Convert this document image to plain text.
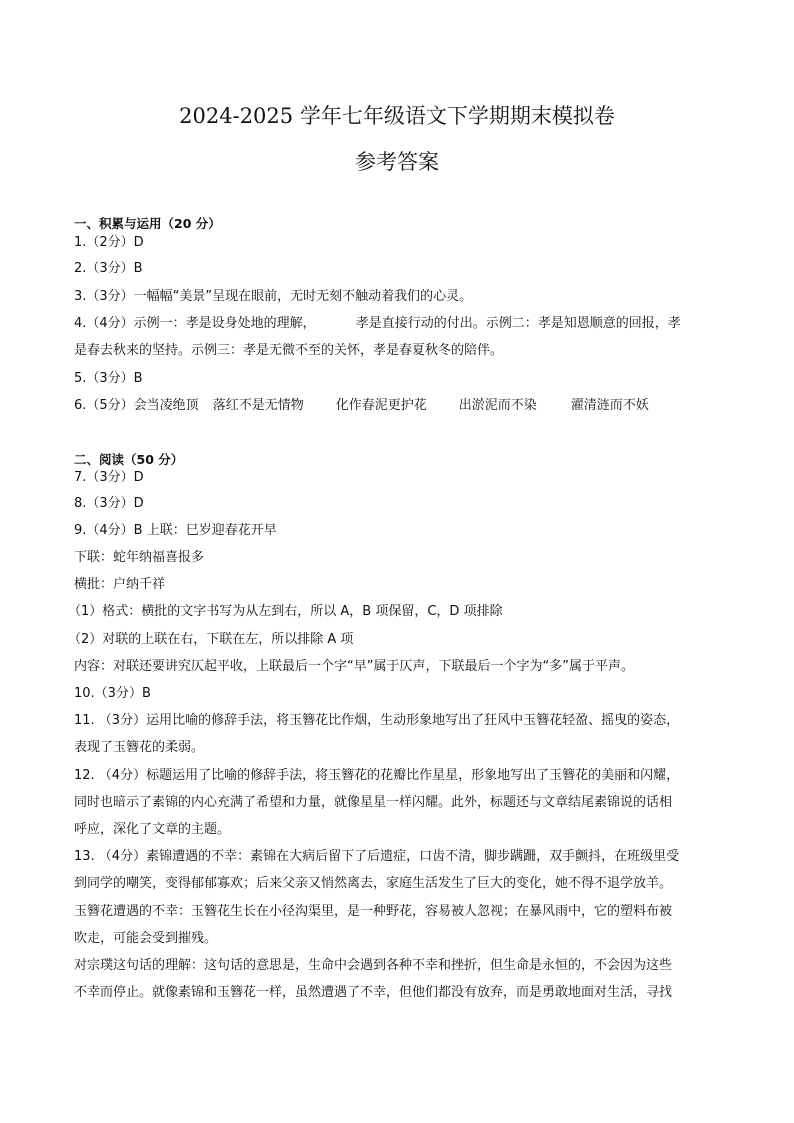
2024-2025 学年七年级语文下学期期末模拟卷
参考答案
一、积累与运用（20 分）
1.（2分）D
2.（3分）B
3.（3分）一幅幅“美景”呈现在眼前，无时无刻不触动着我们的心灵。
4.（4分）示例一：孝是设身处地的理解，	孝是直接行动的付出。示例二：孝是知恩顺意的回报，孝
是春去秋来的坚持。示例三：孝是无微不至的关怀，孝是春夏秋冬的陪伴。
5.（3分）B
6.（5分）会当凌绝顶 落红不是无情物 化作春泥更护花 出淤泥而不染	濯清涟而不妖
二、阅读（50 分）
7.（3分）D
8.（3分）D
9.（4分）B 上联：巳岁迎春花开早
下联：蛇年纳福喜报多
横批：户纳千祥
（1）格式：横批的文字书写为从左到右，所以 A，B 项保留，C，D 项排除
（2）对联的上联在右，下联在左，所以排除 A 项
内容：对联还要讲究仄起平收，上联最后一个字“早”属于仄声，下联最后一个字为“多”属于平声。
10.（3分）B
11. （3分）运用比喻的修辞手法，将玉簪花比作烟，生动形象地写出了狂风中玉簪花轻盈、摇曳的姿态，
表现了玉簪花的柔弱。
12. （4分）标题运用了比喻的修辞手法，将玉簪花的花瓣比作星星，形象地写出了玉簪花的美丽和闪耀，
同时也暗示了素锦的内心充满了希望和力量，就像星星一样闪耀。此外，标题还与文章结尾素锦说的话相
呼应，深化了文章的主题。
13. （4分）素锦遭遇的不幸：素锦在大病后留下了后遗症，口齿不清，脚步蹒跚，双手颤抖，在班级里受
到同学的嘲笑，变得郁郁寡欢；后来父亲又悄然离去，家庭生活发生了巨大的变化，她不得不退学放羊。
玉簪花遭遇的不幸：玉簪花生长在小径沟渠里，是一种野花，容易被人忽视；在暴风雨中，它的塑料布被
吹走，可能会受到摧残。
对宗璞这句话的理解：这句话的意思是，生命中会遇到各种不幸和挫折，但生命是永恒的，不会因为这些
不幸而停止。就像素锦和玉簪花一样，虽然遭遇了不幸，但他们都没有放弃，而是勇敢地面对生活，寻找
